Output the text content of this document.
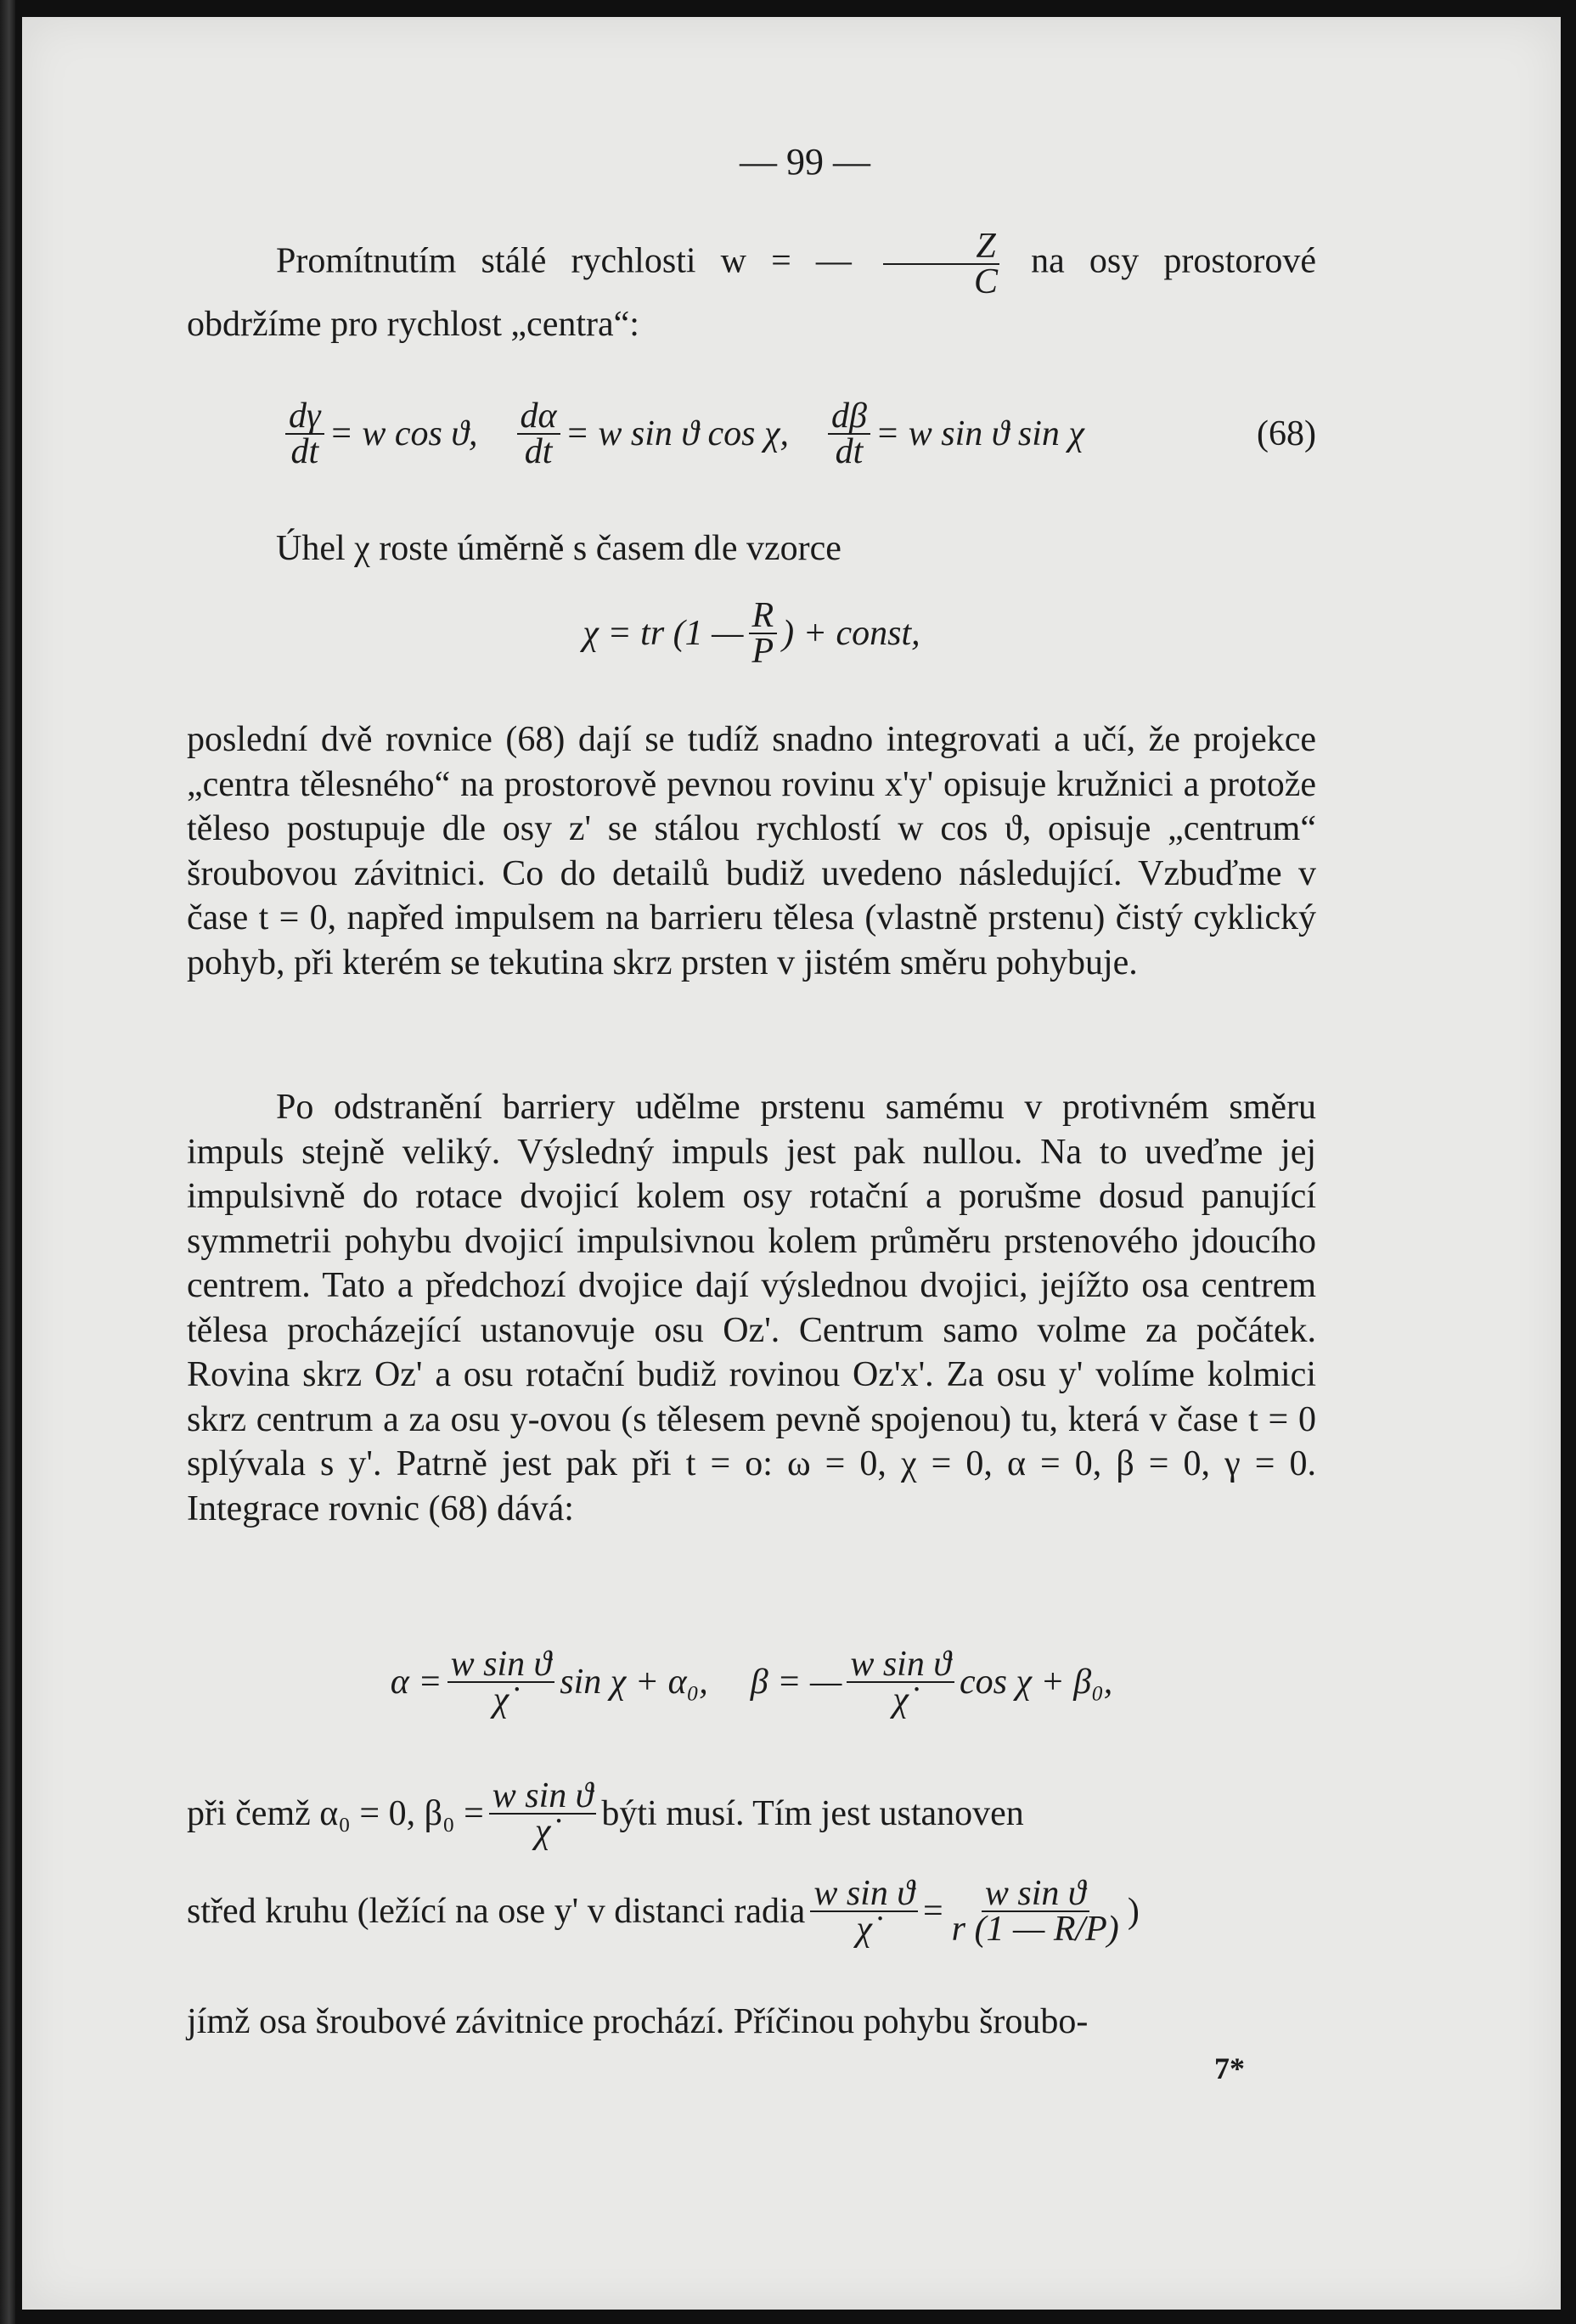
— 99 —

Promítnutím stálé rychlosti w = — $\frac{Z}{C}$ na osy prostorové obdržíme pro rychlost „centra“:

$\frac{d\gamma}{dt} = w$ cos ϑ, $\frac{d\alpha}{dt} = w$ sin ϑ cos χ, $\frac{d\beta}{dt} = w$ sin ϑ sin χ	(68)

Úhel χ roste úměrně s časem dle vzorce

χ = tr (1 — $\frac{R}{P}$ ) + const,

poslední dvě rovnice (68) dají se tudíž snadno integrovati a učí, že projekce „centra tělesného“ na prostorově pevnou rovinu x'y' opisuje kružnici a protože těleso postupuje dle osy z' se stálou rychlostí w cos ϑ, opisuje „centrum“ šroubovou závitnici. Co do detailů budiž uvedeno následující. Vzbuďme v čase t = 0, napřed impulsem na barrieru tělesa (vlastně prstenu) čistý cyklický pohyb, při kterém se tekutina skrz prsten v jistém směru pohybuje.

Po odstranění barriery udělme prstenu samému v protivném směru impuls stejně veliký. Výsledný impuls jest pak nullou. Na to uveďme jej impulsivně do rotace dvojicí kolem osy rotační a porušme dosud panující symmetrii pohybu dvojicí impulsivnou kolem průměru prstenového jdoucího centrem. Tato a předchozí dvojice dají výslednou dvojici, jejížto osa centrem tělesa procházející ustanovuje osu Oz'. Centrum samo volme za počátek. Rovina skrz Oz' a osu rotační budiž rovinou Oz'x'. Za osu y' volíme kolmici skrz centrum a za osu y-ovou (s tělesem pevně spojenou) tu, která v čase t = 0 splývala s y'. Patrně jest pak při t = o: ω = 0, χ = 0, α = 0, β = 0, γ = 0. Integrace rovnic (68) dává:

$\alpha = \frac{\text{w sin ϑ}}{\chi̇}$ sin χ + α₀, β = — $\frac{\text{w sin ϑ}}{\chi̇}$ cos χ + β₀,
při čemž α₀ = 0, $\beta_0 = \frac{\text{w sin ϑ}}{\chi̇}$ býti musí. Tím jest ustanoven
střed kruhu (ležící na ose y' v distanci radia $\frac{\text{w sin ϑ}}{\chi̇} = \frac{\text{w sin ϑ}}{r (1 — R/P)}$ )

jímž osa šroubové závitnice prochází. Příčinou pohybu šroubo-

7*
